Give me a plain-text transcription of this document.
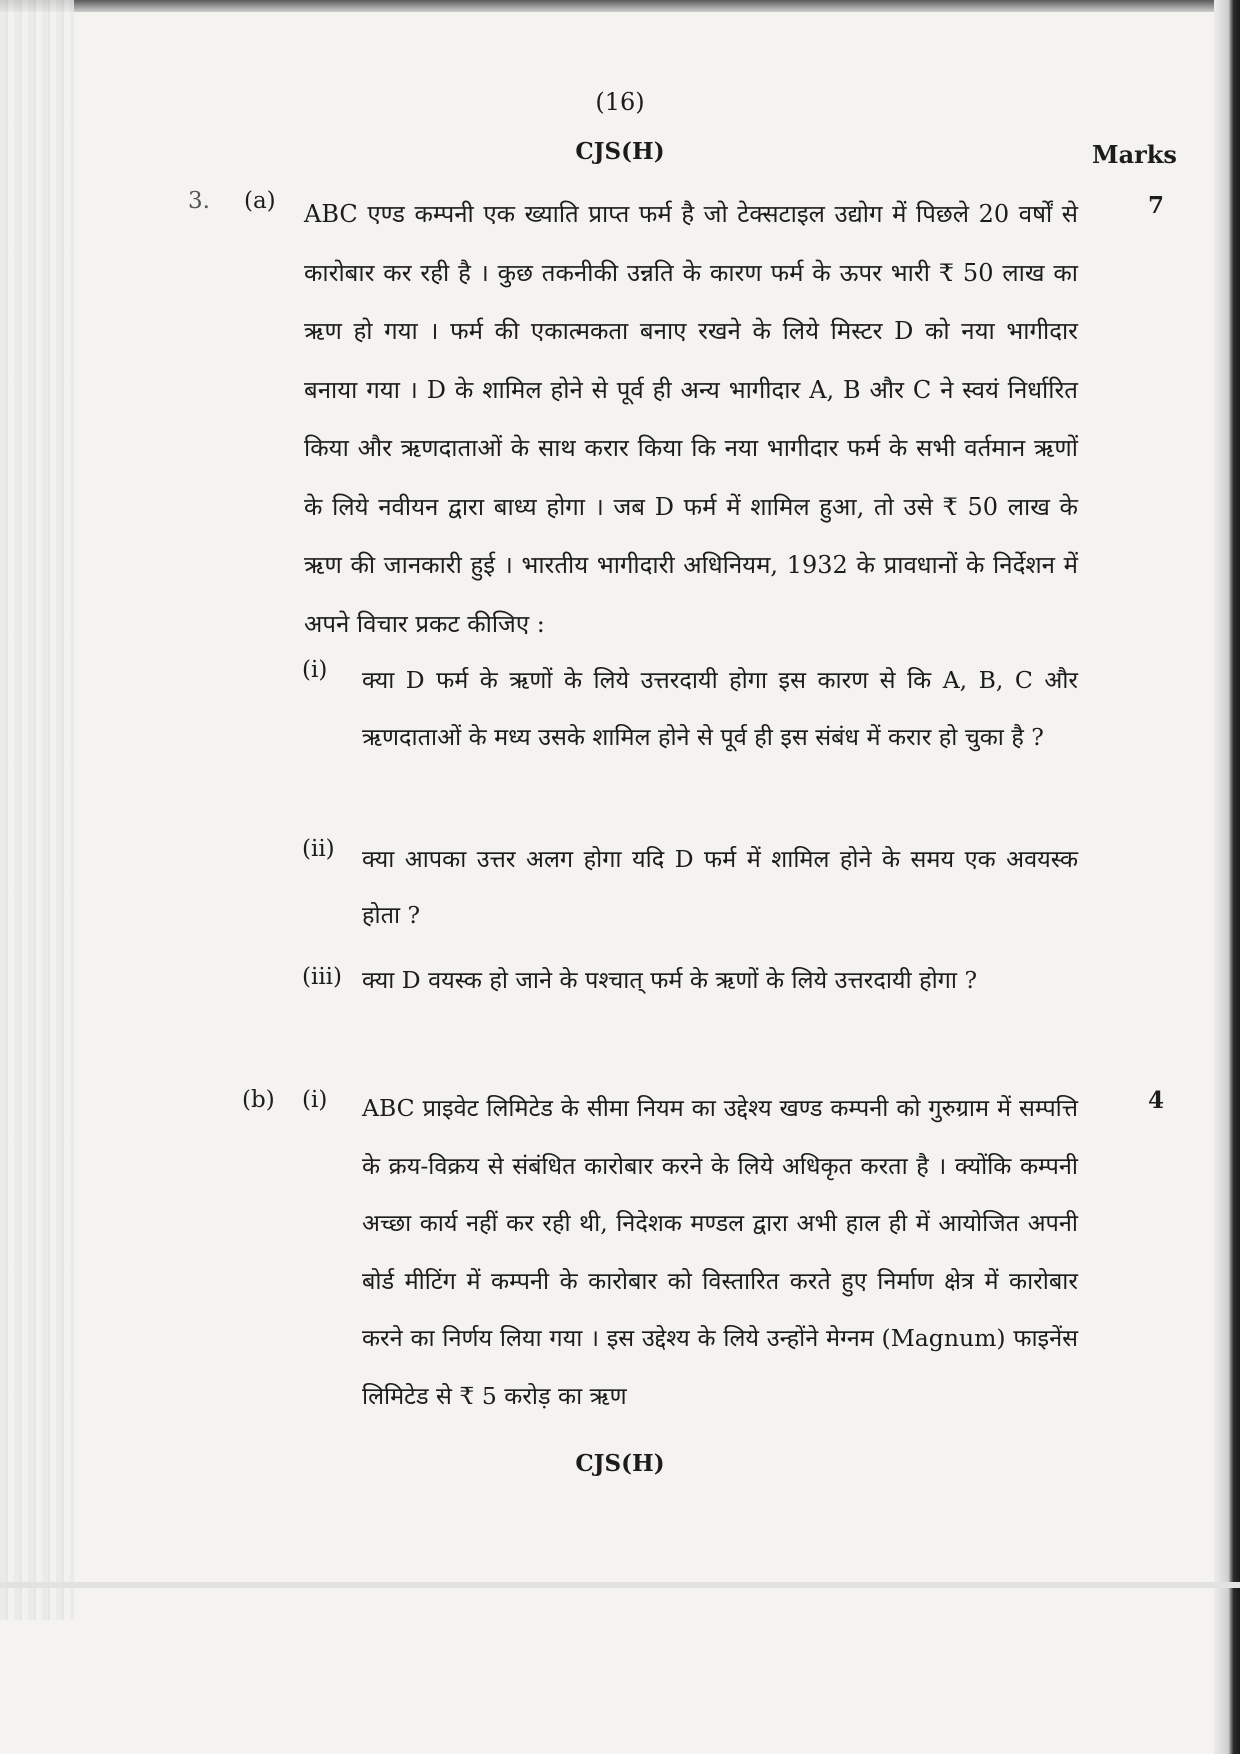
(16)
CJS(H)	Marks
3. (a)	7

ABC एण्ड कम्पनी एक ख्याति प्राप्त फर्म है जो टेक्सटाइल उद्योग में पिछले 20 वर्षों से कारोबार कर रही है । कुछ तकनीकी उन्नति के कारण फर्म के ऊपर भारी ₹ 50 लाख का ऋण हो गया । फर्म की एकात्मकता बनाए रखने के लिये मिस्टर D को नया भागीदार बनाया गया । D के शामिल होने से पूर्व ही अन्य भागीदार A, B और C ने स्वयं निर्धारित किया और ऋणदाताओं के साथ करार किया कि नया भागीदार फर्म के सभी वर्तमान ऋणों के लिये नवीयन द्वारा बाध्य होगा । जब D फर्म में शामिल हुआ, तो उसे ₹ 50 लाख के ऋण की जानकारी हुई । भारतीय भागीदारी अधिनियम, 1932 के प्रावधानों के निर्देशन में अपने विचार प्रकट कीजिए :

(i) क्या D फर्म के ऋणों के लिये उत्तरदायी होगा इस कारण से कि A, B, C और ऋणदाताओं के मध्य उसके शामिल होने से पूर्व ही इस संबंध में करार हो चुका है ?

(ii) क्या आपका उत्तर अलग होगा यदि D फर्म में शामिल होने के समय एक अवयस्क होता ?

(iii) क्या D वयस्क हो जाने के पश्चात् फर्म के ऋणों के लिये उत्तरदायी होगा ?

(b) (i)	4

ABC प्राइवेट लिमिटेड के सीमा नियम का उद्देश्य खण्ड कम्पनी को गुरुग्राम में सम्पत्ति के क्रय-विक्रय से संबंधित कारोबार करने के लिये अधिकृत करता है । क्योंकि कम्पनी अच्छा कार्य नहीं कर रही थी, निदेशक मण्डल द्वारा अभी हाल ही में आयोजित अपनी बोर्ड मीटिंग में कम्पनी के कारोबार को विस्तारित करते हुए निर्माण क्षेत्र में कारोबार करने का निर्णय लिया गया । इस उद्देश्य के लिये उन्होंने मेग्नम (Magnum) फाइनेंस लिमिटेड से ₹ 5 करोड़ का ऋण

CJS(H)
